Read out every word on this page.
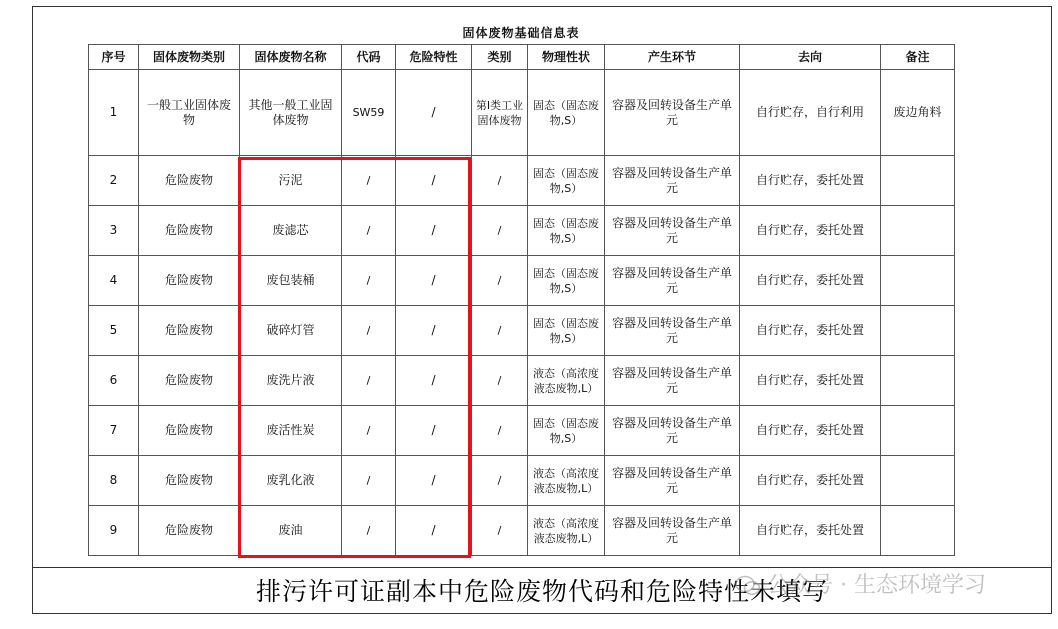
固体废物基础信息表
序号	固体废物类别	固体废物名称	代码	危险特性	类别	物理性状	产生环节	去向	备注
1	一般工业固体废物	其他一般工业固体废物	SW59	/	第Ⅰ类工业固体废物	固态（固态废物,S）	容器及回转设备生产单元	自行贮存，自行利用	废边角料
2	危险废物	污泥	/	/	/	固态（固态废物,S）	容器及回转设备生产单元	自行贮存，委托处置	
3	危险废物	废滤芯	/	/	/	固态（固态废物,S）	容器及回转设备生产单元	自行贮存，委托处置	
4	危险废物	废包装桶	/	/	/	固态（固态废物,S）	容器及回转设备生产单元	自行贮存，委托处置	
5	危险废物	破碎灯管	/	/	/	固态（固态废物,S）	容器及回转设备生产单元	自行贮存，委托处置	
6	危险废物	废洗片液	/	/	/	液态（高浓度液态废物,L）	容器及回转设备生产单元	自行贮存，委托处置	
7	危险废物	废活性炭	/	/	/	固态（固态废物,S）	容器及回转设备生产单元	自行贮存，委托处置	
8	危险废物	废乳化液	/	/	/	液态（高浓度液态废物,L）	容器及回转设备生产单元	自行贮存，委托处置	
9	危险废物	废油	/	/	/	液态（高浓度液态废物,L）	容器及回转设备生产单元	自行贮存，委托处置	
排污许可证副本中危险废物代码和危险特性未填写
公众号 · 生态环境学习
